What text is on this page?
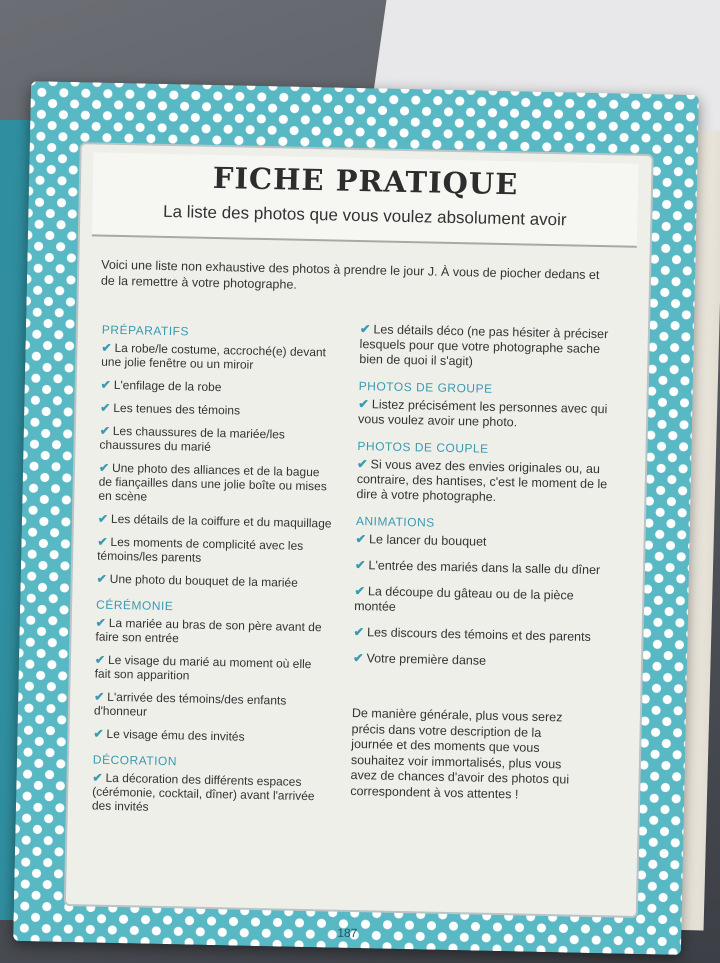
FICHE PRATIQUE
La liste des photos que vous voulez absolument avoir
Voici une liste non exhaustive des photos à prendre le jour J. À vous de piocher dedans et de la remettre à votre photographe.
PRÉPARATIFS
✔ La robe/le costume, accroché(e) devant une jolie fenêtre ou un miroir
✔ L'enfilage de la robe
✔ Les tenues des témoins
✔ Les chaussures de la mariée/les chaussures du marié
✔ Une photo des alliances et de la bague de fiançailles dans une jolie boîte ou mises en scène
✔ Les détails de la coiffure et du maquillage
✔ Les moments de complicité avec les témoins/les parents
✔ Une photo du bouquet de la mariée
CÉRÉMONIE
✔ La mariée au bras de son père avant de faire son entrée
✔ Le visage du marié au moment où elle fait son apparition
✔ L'arrivée des témoins/des enfants d'honneur
✔ Le visage ému des invités
DÉCORATION
✔ La décoration des différents espaces (cérémonie, cocktail, dîner) avant l'arrivée des invités
✔ Les détails déco (ne pas hésiter à préciser lesquels pour que votre photographe sache bien de quoi il s'agit)
PHOTOS DE GROUPE
✔ Listez précisément les personnes avec qui vous voulez avoir une photo.
PHOTOS DE COUPLE
✔ Si vous avez des envies originales ou, au contraire, des hantises, c'est le moment de le dire à votre photographe.
ANIMATIONS
✔ Le lancer du bouquet
✔ L'entrée des mariés dans la salle du dîner
✔ La découpe du gâteau ou de la pièce montée
✔ Les discours des témoins et des parents
✔ Votre première danse
De manière générale, plus vous serez précis dans votre description de la journée et des moments que vous souhaitez voir immortalisés, plus vous avez de chances d'avoir des photos qui correspondent à vos attentes !
187
